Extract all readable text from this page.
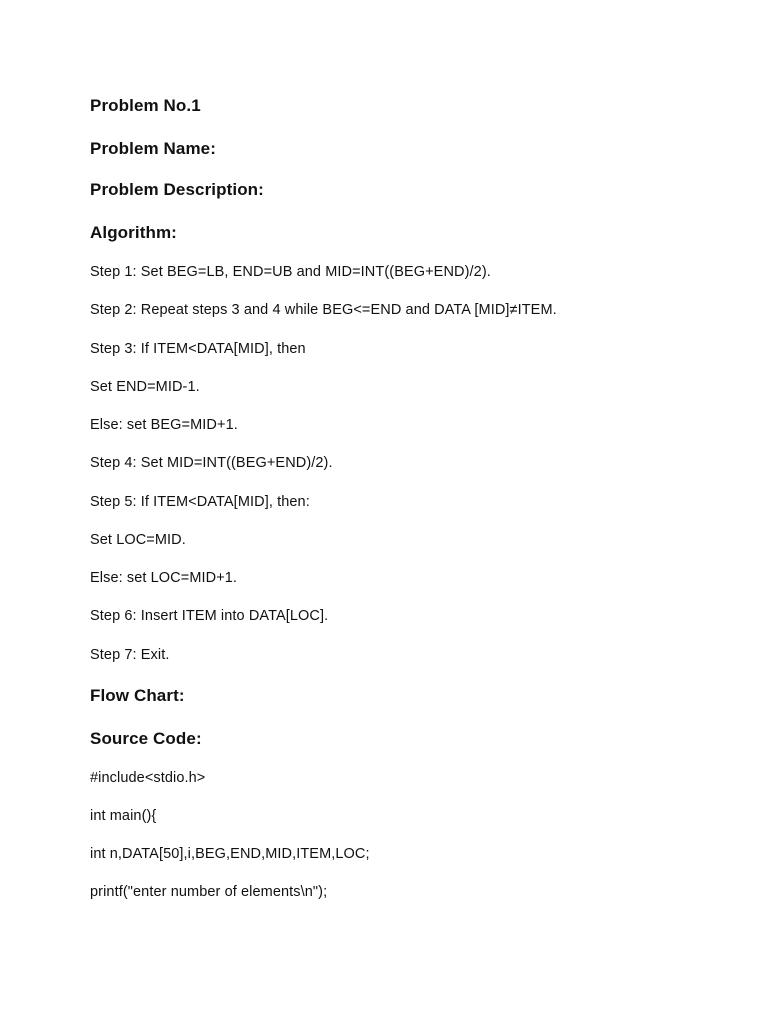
Problem No.1
Problem Name:
Problem Description:
Algorithm:
Step 1: Set BEG=LB, END=UB and MID=INT((BEG+END)/2).
Step 2: Repeat steps 3 and 4 while BEG<=END and DATA [MID]≠ITEM.
Step 3: If ITEM<DATA[MID], then
Set END=MID-1.
Else: set BEG=MID+1.
Step 4: Set MID=INT((BEG+END)/2).
Step 5: If ITEM<DATA[MID], then:
Set LOC=MID.
Else: set LOC=MID+1.
Step 6: Insert ITEM into DATA[LOC].
Step 7: Exit.
Flow Chart:
Source Code:
#include<stdio.h>
int main(){
int n,DATA[50],i,BEG,END,MID,ITEM,LOC;
printf("enter number of elements\n");
